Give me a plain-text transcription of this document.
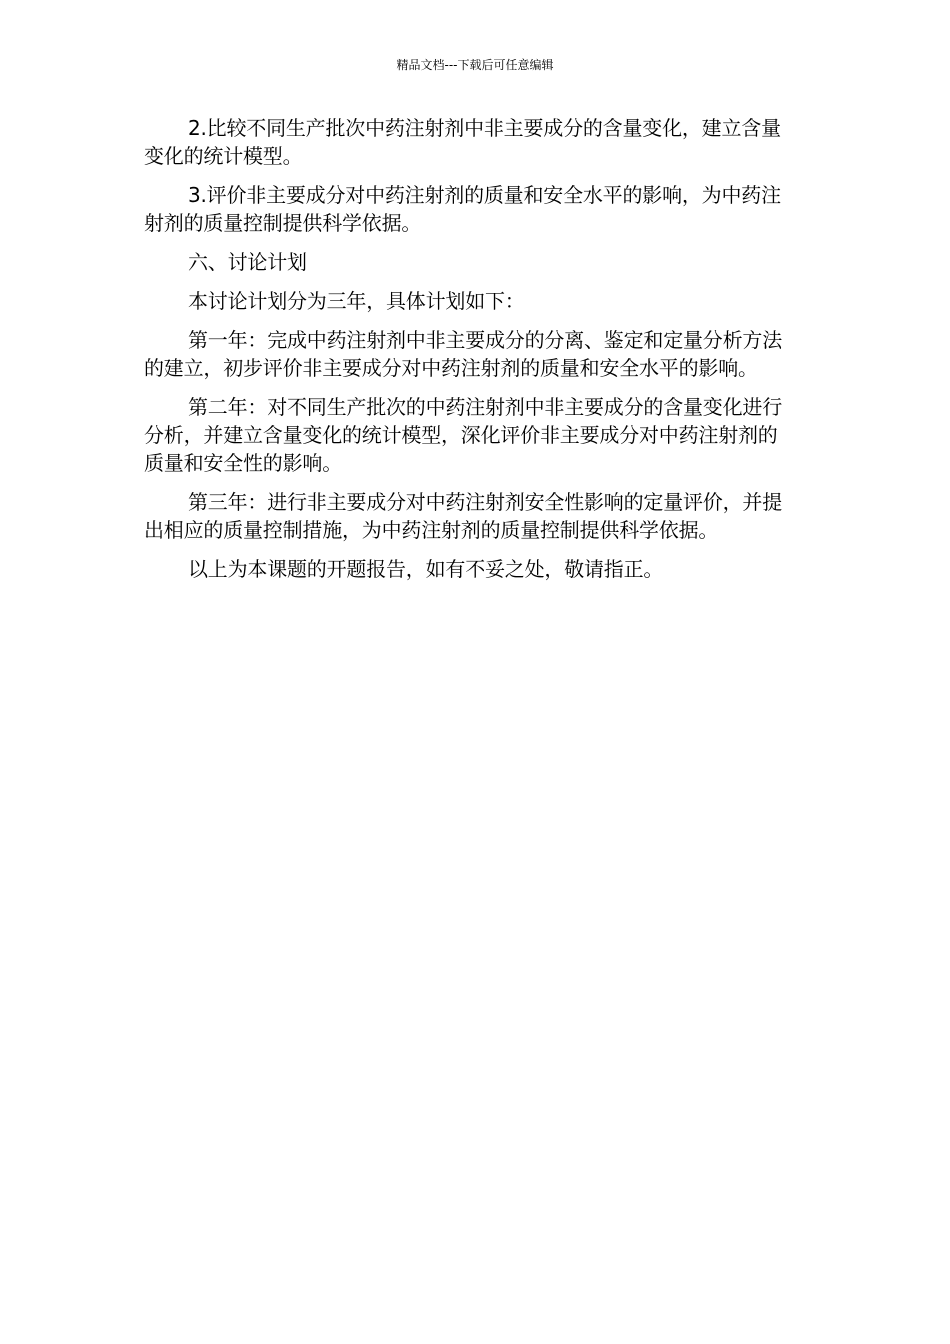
精品文档---下载后可任意编辑

2.比较不同生产批次中药注射剂中非主要成分的含量变化，建立含量变化的统计模型。

3.评价非主要成分对中药注射剂的质量和安全水平的影响，为中药注射剂的质量控制提供科学依据。

六、讨论计划

本讨论计划分为三年，具体计划如下：

第一年：完成中药注射剂中非主要成分的分离、鉴定和定量分析方法的建立，初步评价非主要成分对中药注射剂的质量和安全水平的影响。

第二年：对不同生产批次的中药注射剂中非主要成分的含量变化进行分析，并建立含量变化的统计模型，深化评价非主要成分对中药注射剂的质量和安全性的影响。

第三年：进行非主要成分对中药注射剂安全性影响的定量评价，并提出相应的质量控制措施，为中药注射剂的质量控制提供科学依据。

以上为本课题的开题报告，如有不妥之处，敬请指正。
